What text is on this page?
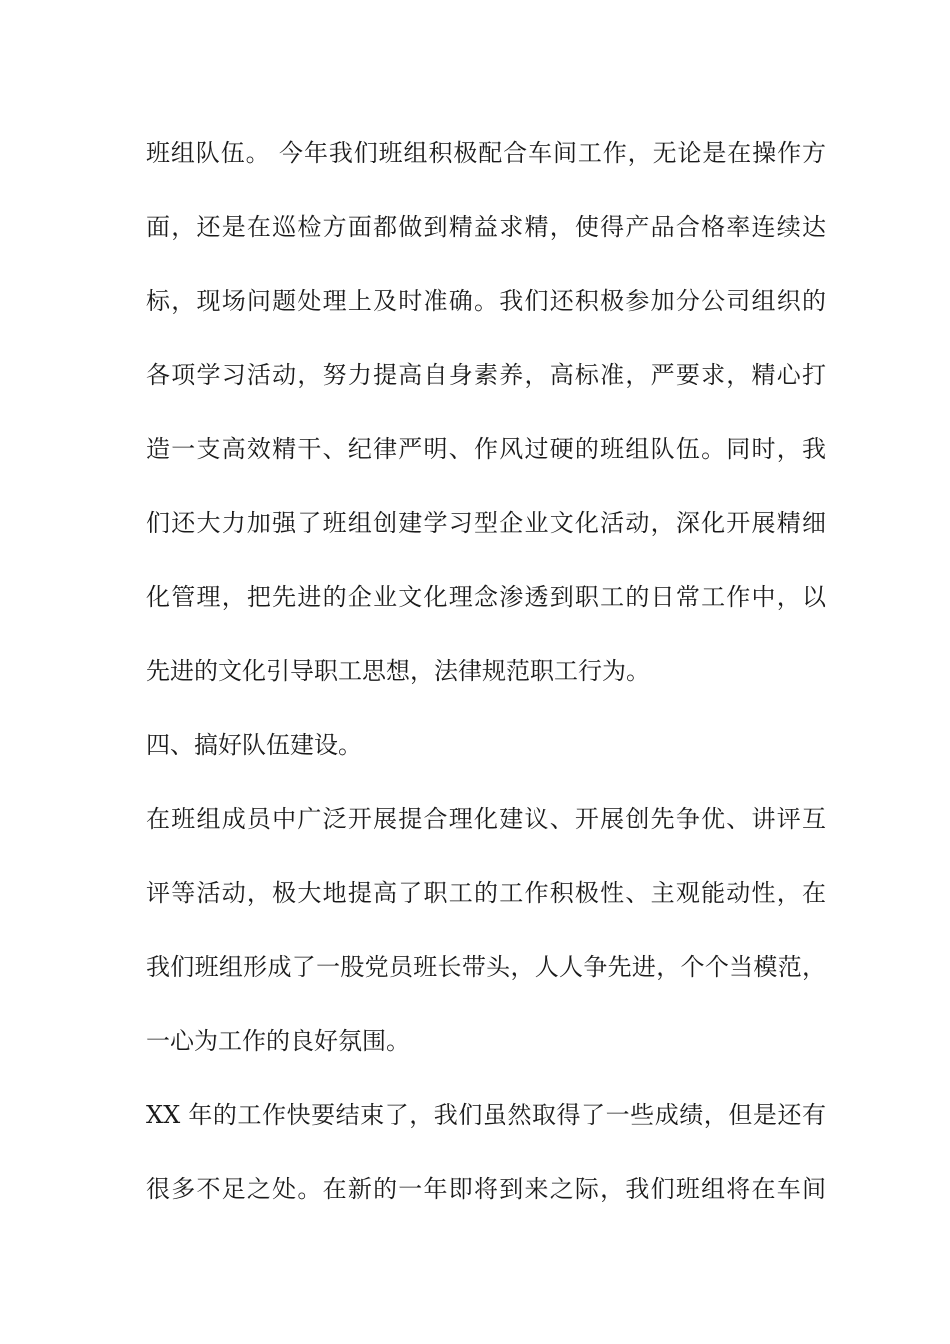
班组队伍。 今年我们班组积极配合车间工作，无论是在操作方

面，还是在巡检方面都做到精益求精，使得产品合格率连续达

标，现场问题处理上及时准确。我们还积极参加分公司组织的

各项学习活动，努力提高自身素养，高标准，严要求，精心打

造一支高效精干、纪律严明、作风过硬的班组队伍。同时，我

们还大力加强了班组创建学习型企业文化活动，深化开展精细

化管理，把先进的企业文化理念渗透到职工的日常工作中，以

先进的文化引导职工思想，法律规范职工行为。

四、搞好队伍建设。

在班组成员中广泛开展提合理化建议、开展创先争优、讲评互

评等活动，极大地提高了职工的工作积极性、主观能动性，在

我们班组形成了一股党员班长带头，人人争先进，个个当模范，

一心为工作的良好氛围。

XX 年的工作快要结束了，我们虽然取得了一些成绩，但是还有

很多不足之处。在新的一年即将到来之际，我们班组将在车间
